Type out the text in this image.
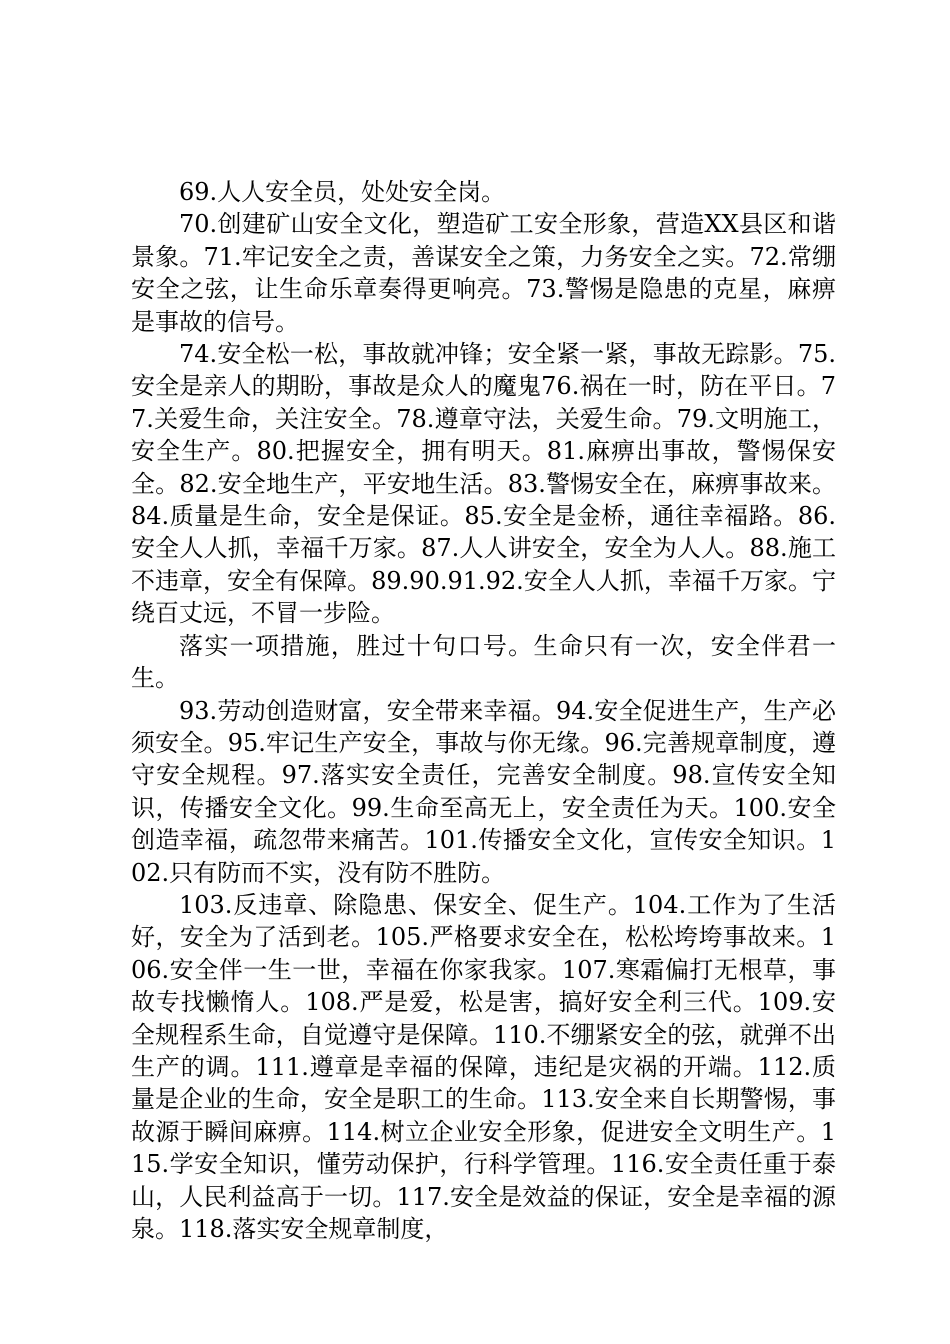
69.人人安全员，处处安全岗。

70.创建矿山安全文化，塑造矿工安全形象，营造XX县区和谐景象。71.牢记安全之责，善谋安全之策，力务安全之实。72.常绷安全之弦，让生命乐章奏得更响亮。73.警惕是隐患的克星，麻痹是事故的信号。

74.安全松一松，事故就冲锋；安全紧一紧，事故无踪影。75.安全是亲人的期盼，事故是众人的魔鬼76.祸在一时，防在平日。77.关爱生命，关注安全。78.遵章守法，关爱生命。79.文明施工，安全生产。80.把握安全，拥有明天。81.麻痹出事故，警惕保安全。82.安全地生产，平安地生活。83.警惕安全在，麻痹事故来。84.质量是生命，安全是保证。85.安全是金桥，通往幸福路。86.安全人人抓，幸福千万家。87.人人讲安全，安全为人人。88.施工不违章，安全有保障。89.90.91.92.安全人人抓，幸福千万家。宁绕百丈远，不冒一步险。

落实一项措施，胜过十句口号。生命只有一次，安全伴君一生。

93.劳动创造财富，安全带来幸福。94.安全促进生产，生产必须安全。95.牢记生产安全，事故与你无缘。96.完善规章制度，遵守安全规程。97.落实安全责任，完善安全制度。98.宣传安全知识，传播安全文化。99.生命至高无上，安全责任为天。100.安全创造幸福，疏忽带来痛苦。101.传播安全文化，宣传安全知识。102.只有防而不实，没有防不胜防。

103.反违章、除隐患、保安全、促生产。104.工作为了生活好，安全为了活到老。105.严格要求安全在，松松垮垮事故来。106.安全伴一生一世，幸福在你家我家。107.寒霜偏打无根草，事故专找懒惰人。108.严是爱，松是害，搞好安全利三代。109.安全规程系生命，自觉遵守是保障。110.不绷紧安全的弦，就弹不出生产的调。111.遵章是幸福的保障，违纪是灾祸的开端。112.质量是企业的生命，安全是职工的生命。113.安全来自长期警惕，事故源于瞬间麻痹。114.树立企业安全形象，促进安全文明生产。115.学安全知识，懂劳动保护，行科学管理。116.安全责任重于泰山，人民利益高于一切。117.安全是效益的保证，安全是幸福的源泉。118.落实安全规章制度，
